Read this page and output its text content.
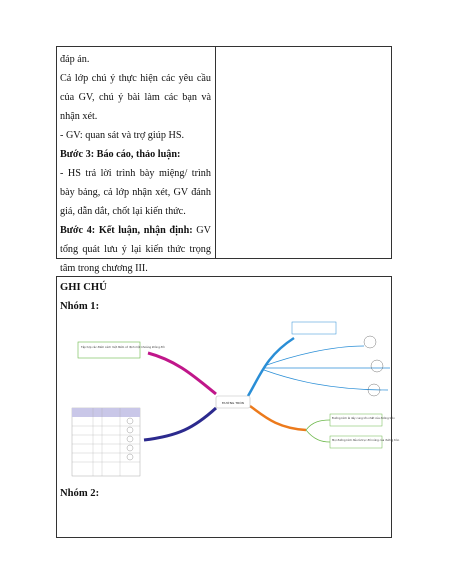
đáp án.

Cả lớp chú ý thực hiện các yêu cầu của GV, chú ý bài làm các bạn và nhận xét.

- GV: quan sát và trợ giúp HS.

Bước 3: Báo cáo, thảo luận:

- HS trả lời trình bày miệng/ trình bày bảng, cả lớp nhận xét, GV đánh giá, dẫn dắt, chốt lại kiến thức.

Bước 4: Kết luận, nhận định: GV tổng quát lưu ý lại kiến thức trọng tâm trong chương III.

GHI CHÚ
Nhóm 1:
Nhóm 2:
ĐƯỜNG TRÒN
Tập hợp các điểm cách một điểm cố định một khoảng không đổi
Đường kính là dây cung lớn nhất của đường tròn
Mọi đường kính đều là trục đối xứng của đường tròn
